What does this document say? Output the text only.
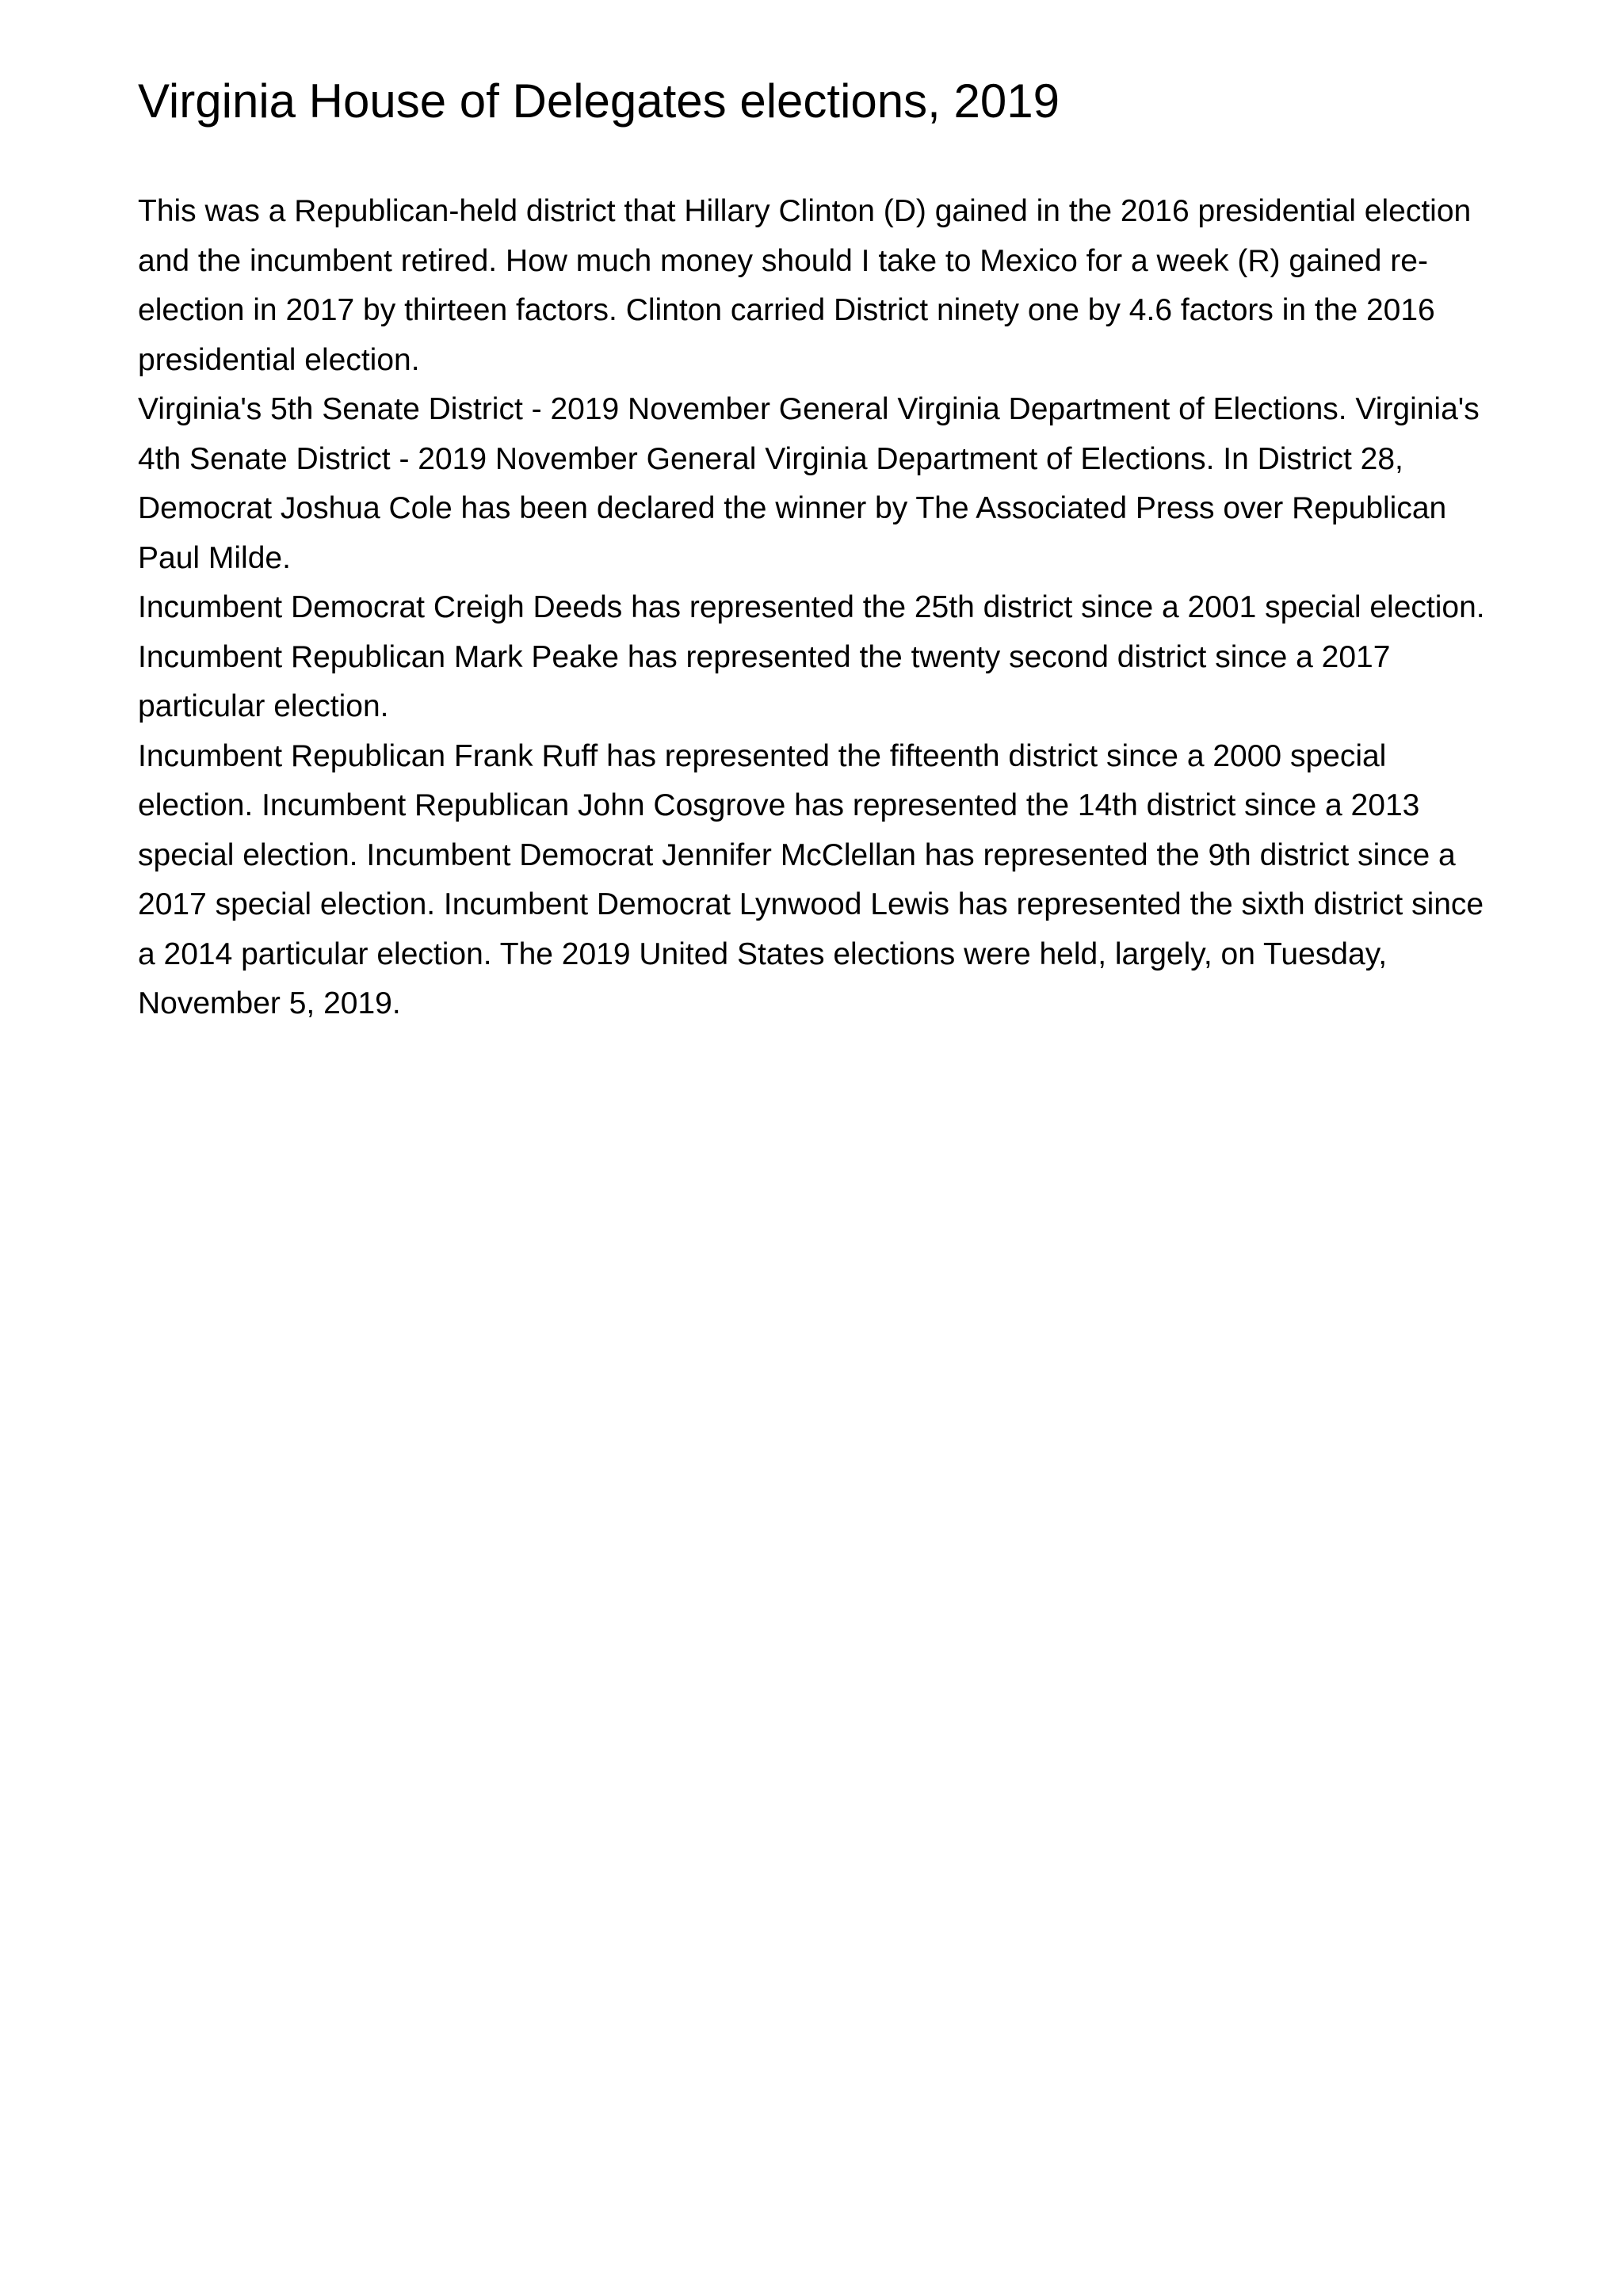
Virginia House of Delegates elections, 2019

This was a Republican-held district that Hillary Clinton (D) gained in the 2016 presidential election and the incumbent retired. How much money should I take to Mexico for a week (R) gained re-election in 2017 by thirteen factors. Clinton carried District ninety one by 4.6 factors in the 2016 presidential election.

Virginia's 5th Senate District - 2019 November General Virginia Department of Elections. Virginia's 4th Senate District - 2019 November General Virginia Department of Elections. In District 28, Democrat Joshua Cole has been declared the winner by The Associated Press over Republican Paul Milde.

Incumbent Democrat Creigh Deeds has represented the 25th district since a 2001 special election. Incumbent Republican Mark Peake has represented the twenty second district since a 2017 particular election.

Incumbent Republican Frank Ruff has represented the fifteenth district since a 2000 special election. Incumbent Republican John Cosgrove has represented the 14th district since a 2013 special election. Incumbent Democrat Jennifer McClellan has represented the 9th district since a 2017 special election. Incumbent Democrat Lynwood Lewis has represented the sixth district since a 2014 particular election. The 2019 United States elections were held, largely, on Tuesday, November 5, 2019.
